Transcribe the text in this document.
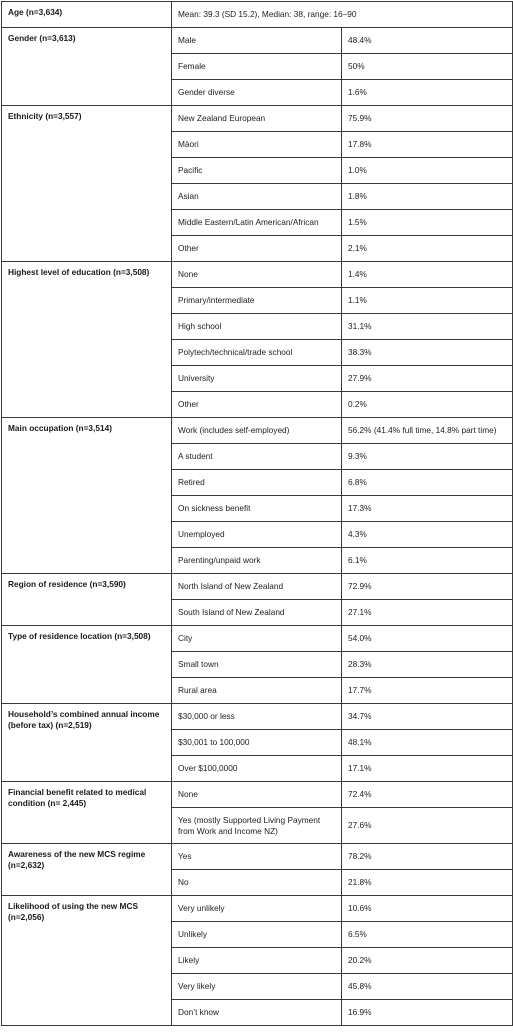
Age (n=3,634)	Mean: 39.3 (SD 15.2), Median: 38, range: 16–90	
Gender (n=3,613)	Male	48.4%
	Female	50%
	Gender diverse	1.6%
Ethnicity (n=3,557)	New Zealand European	75.9%
	Māori	17.8%
	Pacific	1.0%
	Asian	1.8%
	Middle Eastern/Latin American/African	1.5%
	Other	2.1%
Highest level of education (n=3,508)	None	1.4%
	Primary/intermediate	1.1%
	High school	31.1%
	Polytech/technical/trade school	38.3%
	University	27.9%
	Other	0.2%
Main occupation (n=3,514)	Work (includes self-employed)	56.2% (41.4% full time, 14.8% part time)
	A student	9.3%
	Retired	6.8%
	On sickness benefit	17.3%
	Unemployed	4.3%
	Parenting/unpaid work	6.1%
Region of residence (n=3,590)	North Island of New Zealand	72.9%
	South Island of New Zealand	27.1%
Type of residence location (n=3,508)	City	54.0%
	Small town	28.3%
	Rural area	17.7%
Household’s combined annual income (before tax) (n=2,519)	$30,000 or less	34.7%
	$30,001 to 100,000	48.1%
	Over $100,0000	17.1%
Financial benefit related to medical condition (n= 2,445)	None	72.4%
	Yes (mostly Supported Living Payment from Work and Income NZ)	27.6%
Awareness of the new MCS regime (n=2,632)	Yes	78.2%
	No	21.8%
Likelihood of using the new MCS (n=2,056)	Very unlikely	10.6%
	Unlikely	6.5%
	Likely	20.2%
	Very likely	45.8%
	Don’t know	16.9%
